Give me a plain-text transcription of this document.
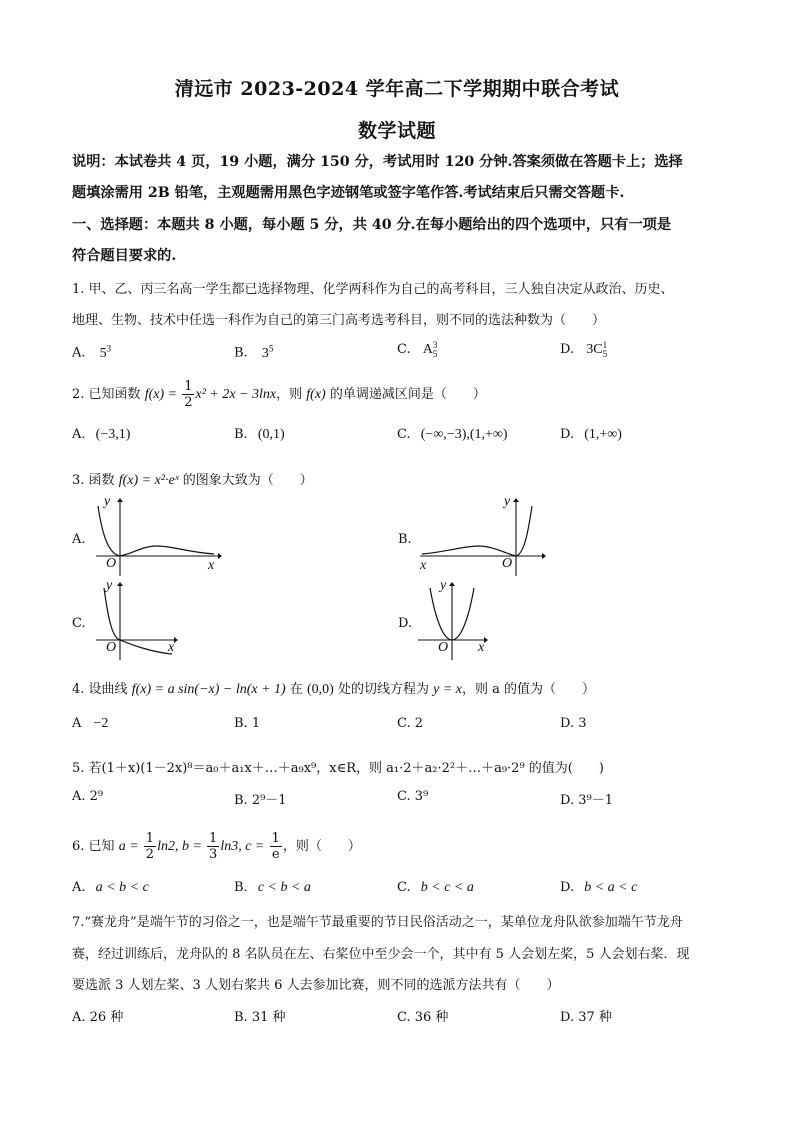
清远市 2023-2024 学年高二下学期期中联合考试
数学试题
说明：本试卷共 4 页，19 小题，满分 150 分，考试用时 120 分钟.答案须做在答题卡上；选择
题填涂需用 2B 铅笔，主观题需用黑色字迹钢笔或签字笔作答.考试结束后只需交答题卡.
一、选择题：本题共 8 小题，每小题 5 分，共 40 分.在每小题给出的四个选项中，只有一项是
符合题目要求的.
1. 甲、乙、丙三名高一学生都已选择物理、化学两科作为自己的高考科目，三人独自决定从政治、历史、
地理、生物、技术中任选一科作为自己的第三门高考选考科目，则不同的选法种数为（　　）
A. $5^3$	B. $3^5$	C. A 3
5	D. 3C 1
5
2. 已知函数 $f(x) = \frac{1}{2} x^2 + 2x - 3\ln x$，则 f(x) 的单调递减区间是（　　）
A. (−3,1)	B. (0,1)	C. (−∞,−3),(1,+∞)	D. (1,+∞)
3. 函数 f(x) = x²·eˣ 的图象大致为（　　）
A.
y
x
O
B.
y
x	O
C.
y
x
O
D.
y
x
O
4. 设曲线 f(x) = a sin(−x) − ln(x + 1) 在 (0,0) 处的切线方程为 y = x，则 a 的值为（　　）
A −2	B. 1	C. 2	D. 3
5. 若(1＋x)(1－2x)⁸＝a₀＋a₁x＋…＋a₉x⁹，x∈R，则 a₁·2＋a₂·2²＋…＋a₉·2⁹ 的值为(　　)
A. 2⁹	B. 2⁹－1	C. 3⁹	D. 3⁹－1
6. 已知 $a = \frac{1}{2} \ln 2$, $b = \frac{1}{3} \ln 3$, $c = \frac{1}{e}$ ，则（　　）
A. a < b < c	B. c < b < a	C. b < c < a	D. b < a < c
7.“赛龙舟”是端午节的习俗之一，也是端午节最重要的节日民俗活动之一，某单位龙舟队欲参加端午节龙舟
赛，经过训练后，龙舟队的 8 名队员在左、右桨位中至少会一个，其中有 5 人会划左桨，5 人会划右桨．现
要选派 3 人划左桨、3 人划右桨共 6 人去参加比赛，则不同的选派方法共有（　　）
A. 26 种	B. 31 种	C. 36 种	D. 37 种
